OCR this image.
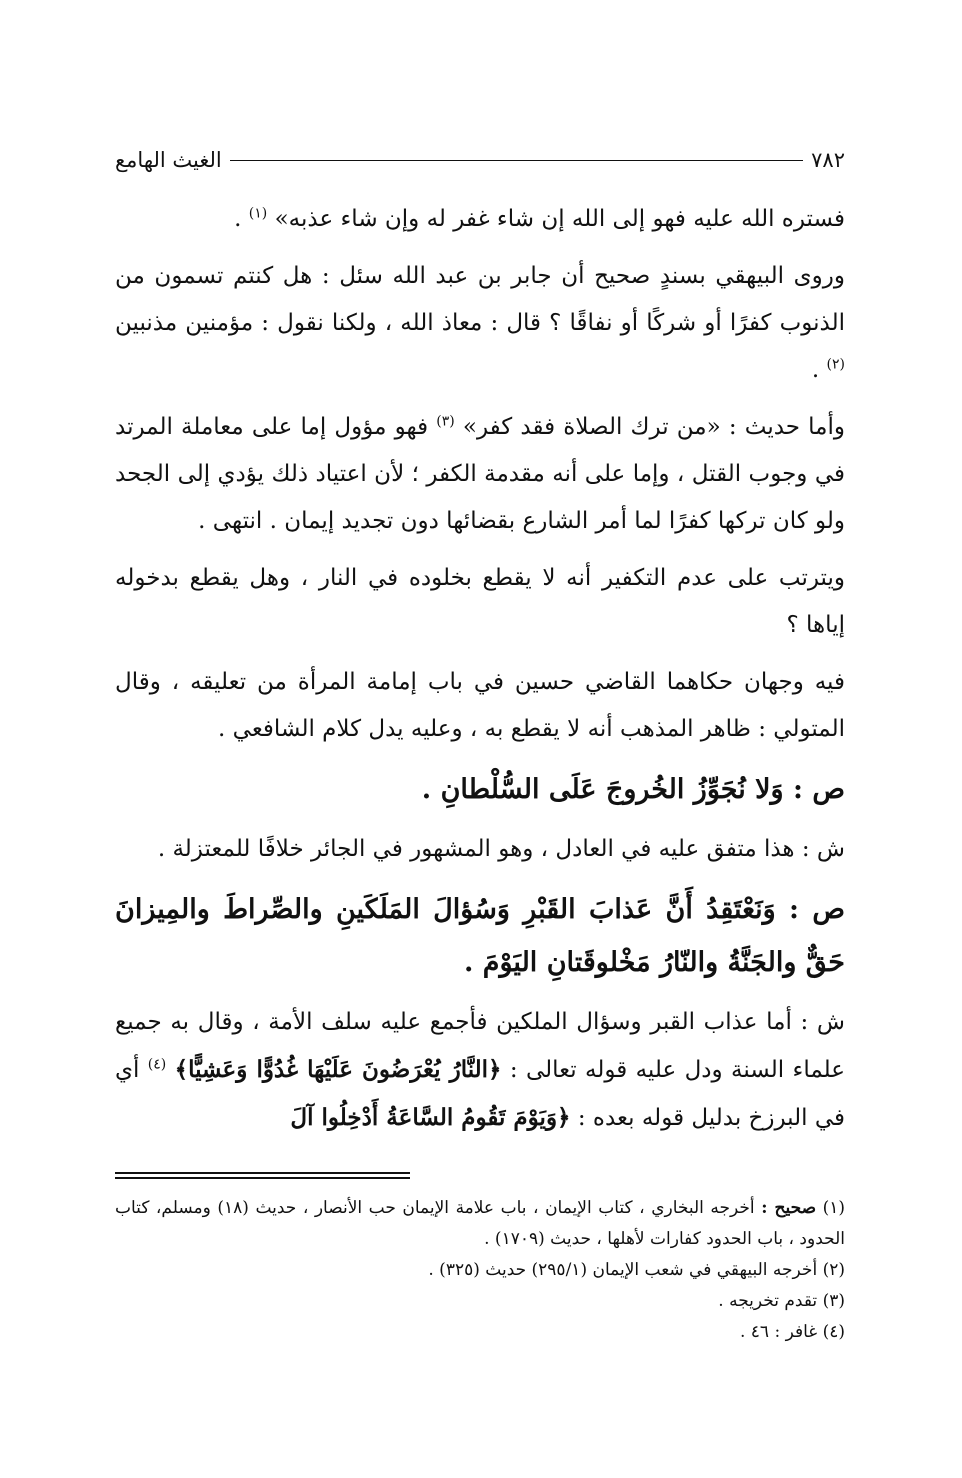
٧٨٢
الغيث الهامع

فستره الله عليه فهو إلى الله إن شاء غفر له وإن شاء عذبه» $^{(١)}$ .

وروى البيهقي بسندٍ صحيح أن جابر بن عبد الله سئل : هل كنتم تسمون من الذنوب كفرًا أو شركًا أو نفاقًا ؟ قال : معاذ الله ، ولكنا نقول : مؤمنين مذنبين $^{(٢)}$ .

وأما حديث : «من ترك الصلاة فقد كفر» $^{(٣)}$ فهو مؤول إما على معاملة المرتد في وجوب القتل ، وإما على أنه مقدمة الكفر ؛ لأن اعتياد ذلك يؤدي إلى الجحد ولو كان تركها كفرًا لما أمر الشارع بقضائها دون تجديد إيمان . انتهى .

ويترتب على عدم التكفير أنه لا يقطع بخلوده في النار ، وهل يقطع بدخوله إياها ؟

فيه وجهان حكاهما القاضي حسين في باب إمامة المرأة من تعليقه ، وقال المتولي : ظاهر المذهب أنه لا يقطع به ، وعليه يدل كلام الشافعي .

ص : وَلا نُجَوِّزُ الخُروجَ عَلَى السُّلْطانِ .

ش : هذا متفق عليه في العادل ، وهو المشهور في الجائر خلافًا للمعتزلة .

ص : وَنَعْتَقِدُ أَنَّ عَذابَ القَبْرِ وَسُؤالَ المَلَكَينِ والصِّراطَ والمِيزانَ حَقٌّ والجَنَّةُ والنّارُ مَخْلوقَتانِ اليَوْمَ .

ش : أما عذاب القبر وسؤال الملكين فأجمع عليه سلف الأمة ، وقال به جميع علماء السنة ودل عليه قوله تعالى : ﴿النَّارُ يُعْرَضُونَ عَلَيْهَا غُدُوًّا وَعَشِيًّا﴾ $^{(٤)}$ أي في البرزخ بدليل قوله بعده : ﴿وَيَوْمَ تَقُومُ السَّاعَةُ أَدْخِلُوا آلَ

(١) صحيح : أخرجه البخاري ، كتاب الإيمان ، باب علامة الإيمان حب الأنصار ، حديث (١٨) ومسلم، كتاب الحدود ، باب الحدود كفارات لأهلها ، حديث (١٧٠٩) .

(٢) أخرجه البيهقي في شعب الإيمان (٢٩٥/١) حديث (٣٢٥) .

(٣) تقدم تخريجه .

(٤) غافر : ٤٦ .
